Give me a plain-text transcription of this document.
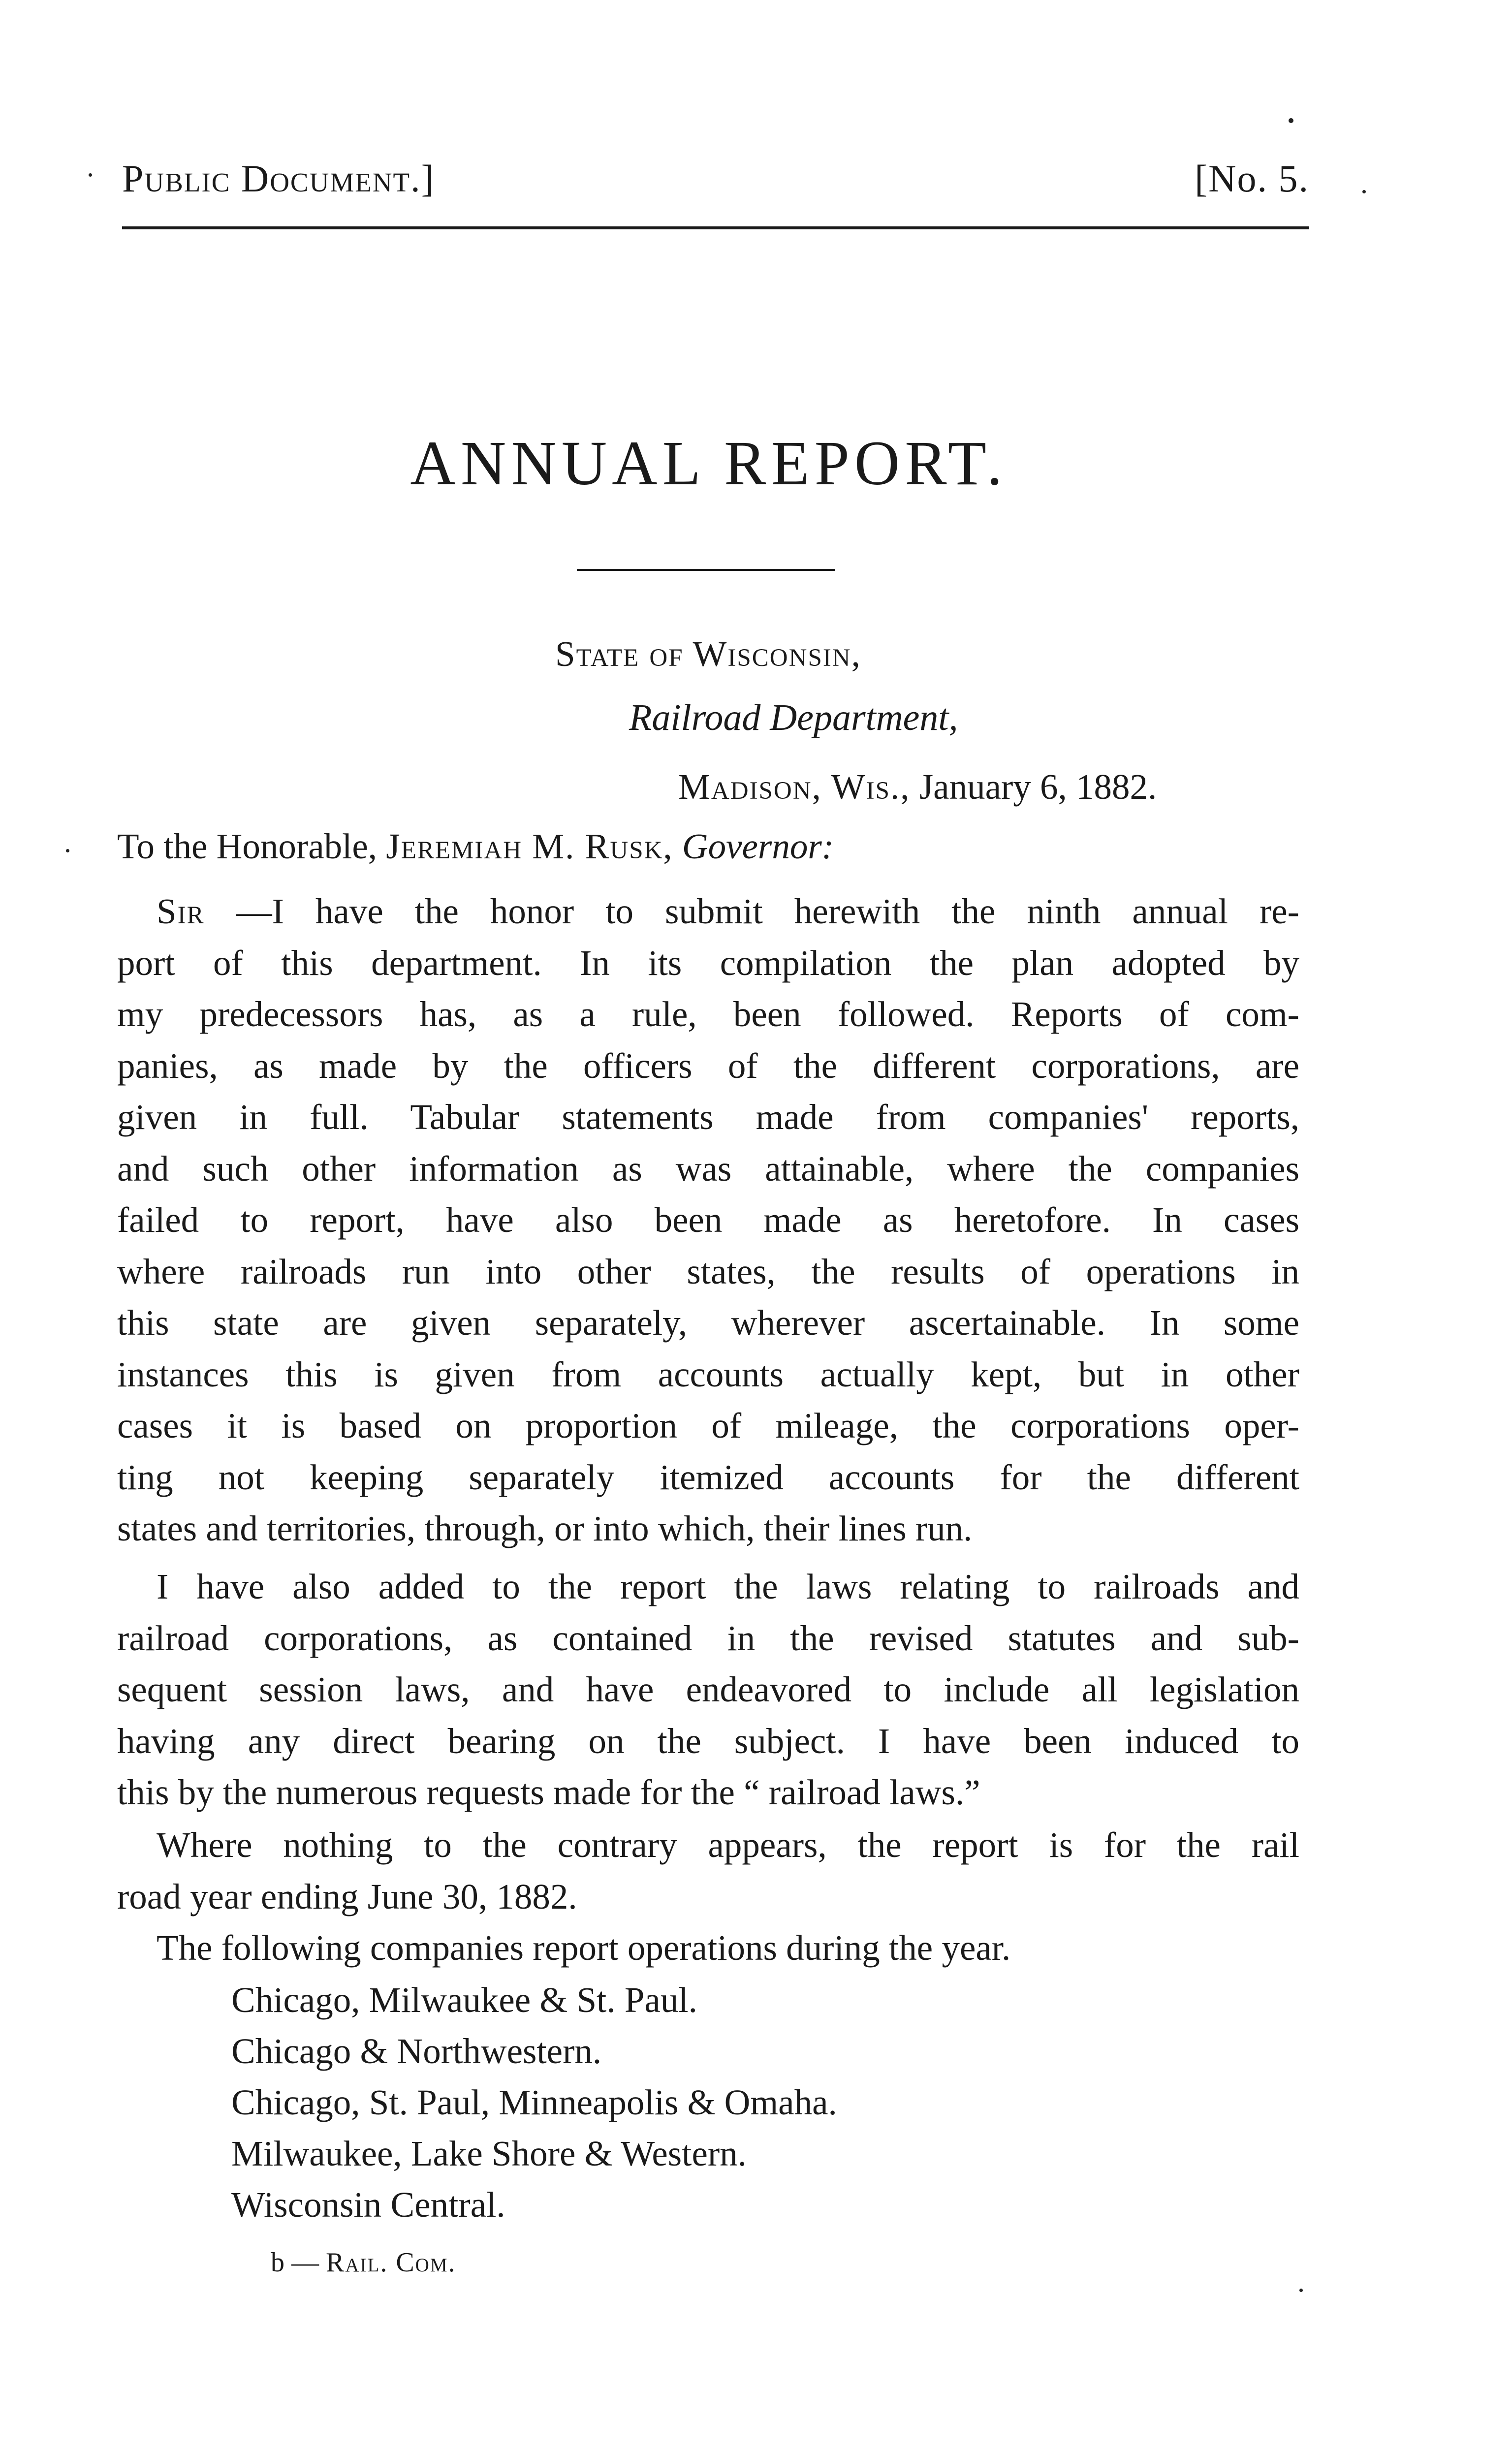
Public Document.]	[No. 5.
ANNUAL REPORT.
State of Wisconsin,
Railroad Department,
Madison, Wis., January 6, 1882.
To the Honorable, Jeremiah M. Rusk, Governor:
Sir —I have the honor to submit herewith the ninth annual re-
port of this department. In its compilation the plan adopted by
my predecessors has, as a rule, been followed. Reports of com-
panies, as made by the officers of the different corporations, are
given in full. Tabular statements made from companies' reports,
and such other information as was attainable, where the companies
failed to report, have also been made as heretofore. In cases
where railroads run into other states, the results of operations in
this state are given separately, wherever ascertainable. In some
instances this is given from accounts actually kept, but in other
cases it is based on proportion of mileage, the corporations oper-
ting not keeping separately itemized accounts for the different
states and territories, through, or into which, their lines run.
I have also added to the report the laws relating to railroads and
railroad corporations, as contained in the revised statutes and sub-
sequent session laws, and have endeavored to include all legislation
having any direct bearing on the subject. I have been induced to
this by the numerous requests made for the “ railroad laws.”
Where nothing to the contrary appears, the report is for the rail
road year ending June 30, 1882.
The following companies report operations during the year.
Chicago, Milwaukee & St. Paul.
Chicago & Northwestern.
Chicago, St. Paul, Minneapolis & Omaha.
Milwaukee, Lake Shore & Western.
Wisconsin Central.
b — Rail. Com.
